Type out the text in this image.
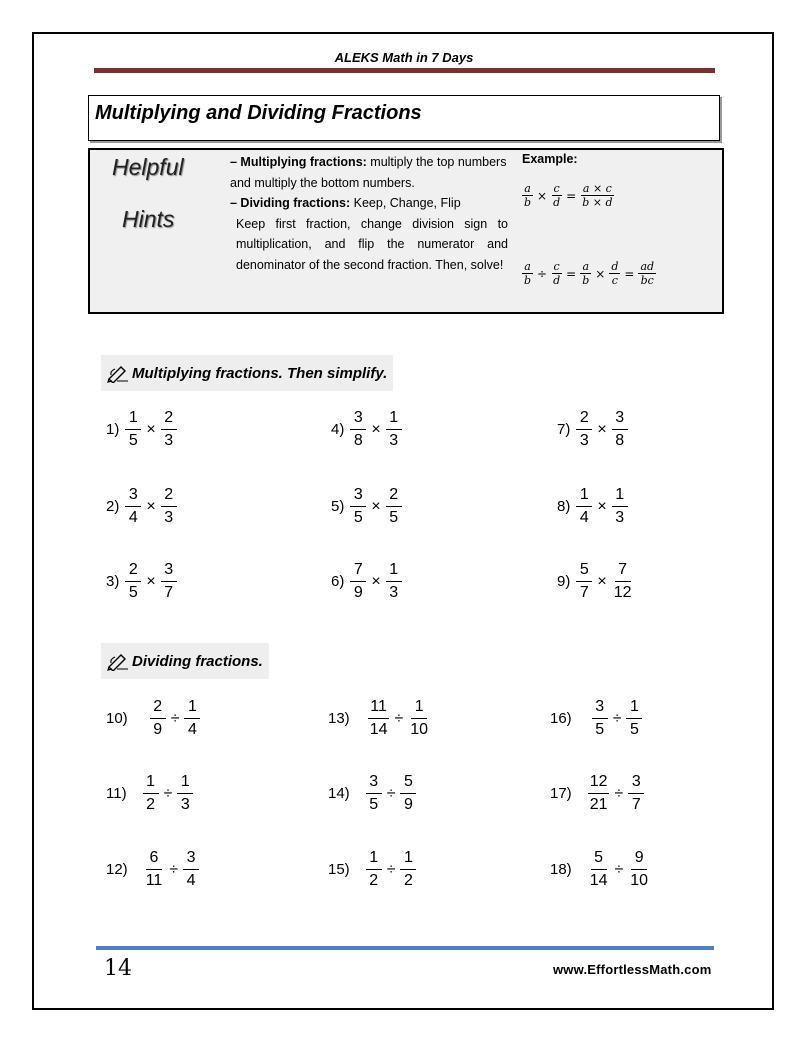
ALEKS Math in 7 Days
Multiplying and Dividing Fractions
Helpful
Hints
– Multiplying fractions: multiply the top numbers and multiply the bottom numbers.
– Dividing fractions: Keep, Change, Flip
Keep first fraction, change division sign to multiplication, and flip the numerator and denominator of the second fraction. Then, solve!
Example:
$\frac{a}{b} \times \frac{c}{d} = \frac{a \times c}{b \times d}$
$\frac{a}{b} \div \frac{c}{d} = \frac{a}{b} \times \frac{d}{c} = \frac{ad}{bc}$
Multiplying fractions. Then simplify.
Dividing fractions.
$1) \frac{1}{5} \times \frac{2}{3}$
$2) \frac{3}{4} \times \frac{2}{3}$
$3) \frac{2}{5} \times \frac{3}{7}$
$4) \frac{3}{8} \times \frac{1}{3}$
$5) \frac{3}{5} \times \frac{2}{5}$
$6) \frac{7}{9} \times \frac{1}{3}$
$7) \frac{2}{3} \times \frac{3}{8}$
$8) \frac{1}{4} \times \frac{1}{3}$
$9) \frac{5}{7} \times \frac{7}{12}$
$10) \frac{2}{9} \div \frac{1}{4}$
$11) \frac{1}{2} \div \frac{1}{3}$
$12) \frac{6}{11} \div \frac{3}{4}$
$13) \frac{11}{14} \div \frac{1}{10}$
$14) \frac{3}{5} \div \frac{5}{9}$
$15) \frac{1}{2} \div \frac{1}{2}$
$16) \frac{3}{5} \div \frac{1}{5}$
$17) \frac{12}{21} \div \frac{3}{7}$
$18) \frac{5}{14} \div \frac{9}{10}$
14	www.EffortlessMath.com
